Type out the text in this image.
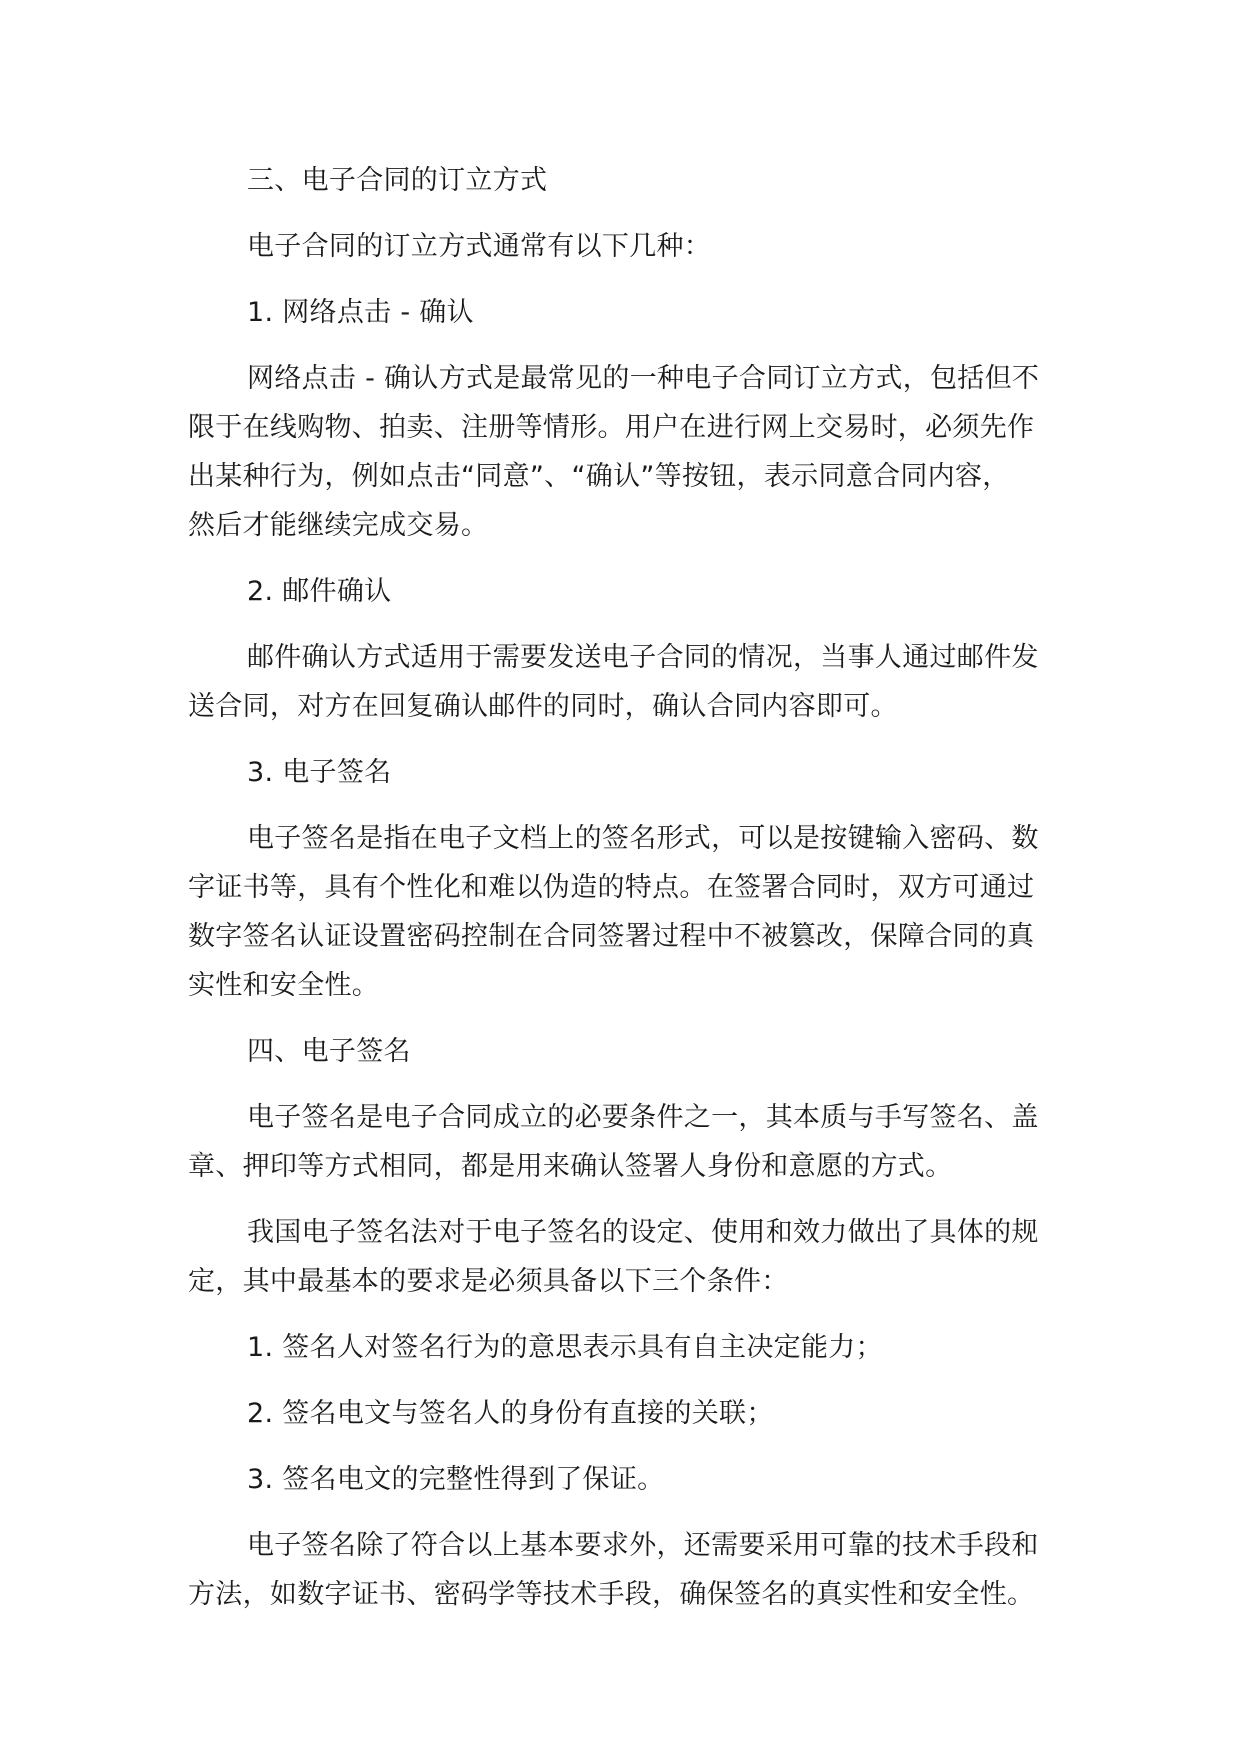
三、电子合同的订立方式

电子合同的订立方式通常有以下几种：

1. 网络点击 - 确认

网络点击 - 确认方式是最常见的一种电子合同订立方式，包括但不
限于在线购物、拍卖、注册等情形。用户在进行网上交易时，必须先作
出某种行为，例如点击“同意”、“确认”等按钮，表示同意合同内容，
然后才能继续完成交易。

2. 邮件确认

邮件确认方式适用于需要发送电子合同的情况，当事人通过邮件发
送合同，对方在回复确认邮件的同时，确认合同内容即可。

3. 电子签名

电子签名是指在电子文档上的签名形式，可以是按键输入密码、数
字证书等，具有个性化和难以伪造的特点。在签署合同时，双方可通过
数字签名认证设置密码控制在合同签署过程中不被篡改，保障合同的真
实性和安全性。

四、电子签名

电子签名是电子合同成立的必要条件之一，其本质与手写签名、盖
章、押印等方式相同，都是用来确认签署人身份和意愿的方式。

我国电子签名法对于电子签名的设定、使用和效力做出了具体的规
定，其中最基本的要求是必须具备以下三个条件：

1. 签名人对签名行为的意思表示具有自主决定能力；

2. 签名电文与签名人的身份有直接的关联；

3. 签名电文的完整性得到了保证。

电子签名除了符合以上基本要求外，还需要采用可靠的技术手段和
方法，如数字证书、密码学等技术手段，确保签名的真实性和安全性。
